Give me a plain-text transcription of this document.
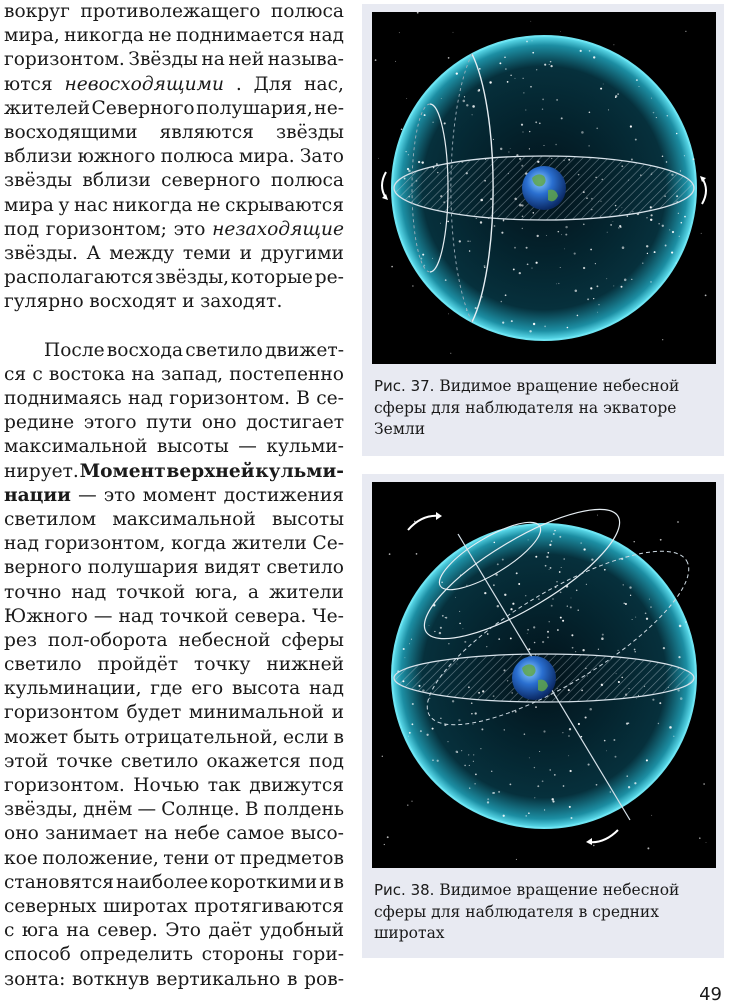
вокруг противолежащего полюса
мира, никогда не поднимается над
горизонтом. Звёзды на ней называ-
ются невосходящими . Для нас,
жителей Северного полушария, не-
восходящими являются звёзды
вблизи южного полюса мира. Зато
звёзды вблизи северного полюса
мира у нас никогда не скрываются
под горизонтом; это незаходящие
звёзды. А между теми и другими
располагаются звёзды, которые ре-
гулярно восходят и заходят.
После восхода светило движет-
ся с востока на запад, постепенно
поднимаясь над горизонтом. В се-
редине этого пути оно достигает
максимальной высоты — кульми-
нирует. Момент верхней кульми-
нации — это момент достижения
светилом максимальной высоты
над горизонтом, когда жители Се-
верного полушария видят светило
точно над точкой юга, а жители
Южного — над точкой севера. Че-
рез пол-оборота небесной сферы
светило пройдёт точку нижней
кульминации, где его высота над
горизонтом будет минимальной и
может быть отрицательной, если в
этой точке светило окажется под
горизонтом. Ночью так движутся
звёзды, днём — Солнце. В полдень
оно занимает на небе самое высо-
кое положение, тени от предметов
становятся наиболее короткими и в
северных широтах протягиваются
с юга на север. Это даёт удобный
способ определить стороны гори-
зонта: воткнув вертикально в ров-
Рис. 37. Видимое вращение небесной сферы для наблюдателя на экваторе Земли
Рис. 38. Видимое вращение небесной сферы для наблюдателя в средних широтах
49
